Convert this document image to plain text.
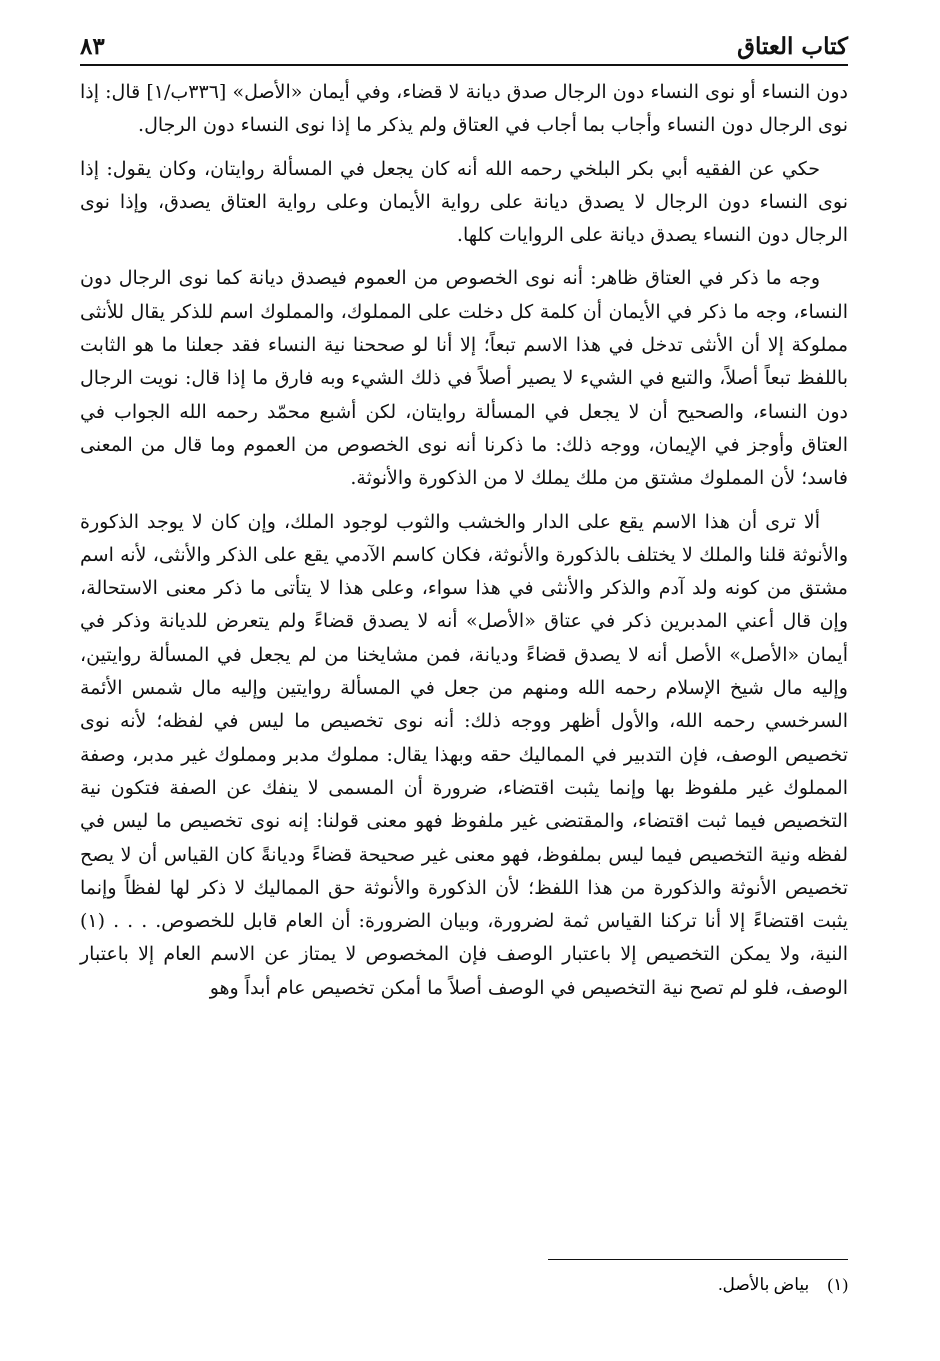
كتاب العتاق
٨٣

دون النساء أو نوى النساء دون الرجال صدق ديانة لا قضاء، وفي أيمان «الأصل» [٣٣٦ب/١] قال: إذا نوى الرجال دون النساء وأجاب بما أجاب في العتاق ولم يذكر ما إذا نوى النساء دون الرجال.

حكي عن الفقيه أبي بكر البلخي رحمه الله أنه كان يجعل في المسألة روايتان، وكان يقول: إذا نوى النساء دون الرجال لا يصدق ديانة على رواية الأيمان وعلى رواية العتاق يصدق، وإذا نوى الرجال دون النساء يصدق ديانة على الروايات كلها.

وجه ما ذكر في العتاق ظاهر: أنه نوى الخصوص من العموم فيصدق ديانة كما نوى الرجال دون النساء، وجه ما ذكر في الأيمان أن كلمة كل دخلت على المملوك، والمملوك اسم للذكر يقال للأنثى مملوكة إلا أن الأنثى تدخل في هذا الاسم تبعاً؛ إلا أنا لو صححنا نية النساء فقد جعلنا ما هو الثابت باللفظ تبعاً أصلاً، والتبع في الشيء لا يصير أصلاً في ذلك الشيء وبه فارق ما إذا قال: نويت الرجال دون النساء، والصحيح أن لا يجعل في المسألة روايتان، لكن أشبع محمّد رحمه الله الجواب في العتاق وأوجز في الإيمان، ووجه ذلك: ما ذكرنا أنه نوى الخصوص من العموم وما قال من المعنى فاسد؛ لأن المملوك مشتق من ملك يملك لا من الذكورة والأنوثة.

ألا ترى أن هذا الاسم يقع على الدار والخشب والثوب لوجود الملك، وإن كان لا يوجد الذكورة والأنوثة قلنا والملك لا يختلف بالذكورة والأنوثة، فكان كاسم الآدمي يقع على الذكر والأنثى، لأنه اسم مشتق من كونه ولد آدم والذكر والأنثى في هذا سواء، وعلى هذا لا يتأتى ما ذكر معنى الاستحالة، وإن قال أعني المدبرين ذكر في عتاق «الأصل» أنه لا يصدق قضاءً ولم يتعرض للديانة وذكر في أيمان «الأصل» الأصل أنه لا يصدق قضاءً وديانة، فمن مشايخنا من لم يجعل في المسألة روايتين، وإليه مال شيخ الإسلام رحمه الله ومنهم من جعل في المسألة روايتين وإليه مال شمس الأئمة السرخسي رحمه الله، والأول أظهر ووجه ذلك: أنه نوى تخصيص ما ليس في لفظه؛ لأنه نوى تخصيص الوصف، فإن التدبير في المماليك حقه وبهذا يقال: مملوك مدبر ومملوك غير مدبر، وصفة المملوك غير ملفوظ بها وإنما يثبت اقتضاء، ضرورة أن المسمى لا ينفك عن الصفة فتكون نية التخصيص فيما ثبت اقتضاء، والمقتضى غير ملفوظ فهو معنى قولنا: إنه نوى تخصيص ما ليس في لفظه ونية التخصيص فيما ليس بملفوظ، فهو معنى غير صحيحة قضاءً وديانةً كان القياس أن لا يصح تخصيص الأنوثة والذكورة من هذا اللفظ؛ لأن الذكورة والأنوثة حق المماليك لا ذكر لها لفظاً وإنما يثبت اقتضاءً إلا أنا تركنا القياس ثمة لضرورة، وبيان الضرورة: أن العام قابل للخصوص. . . . (١) النية، ولا يمكن التخصيص إلا باعتبار الوصف فإن المخصوص لا يمتاز عن الاسم العام إلا باعتبار الوصف، فلو لم تصح نية التخصيص في الوصف أصلاً ما أمكن تخصيص عام أبداً وهو

(١) بياض بالأصل.
